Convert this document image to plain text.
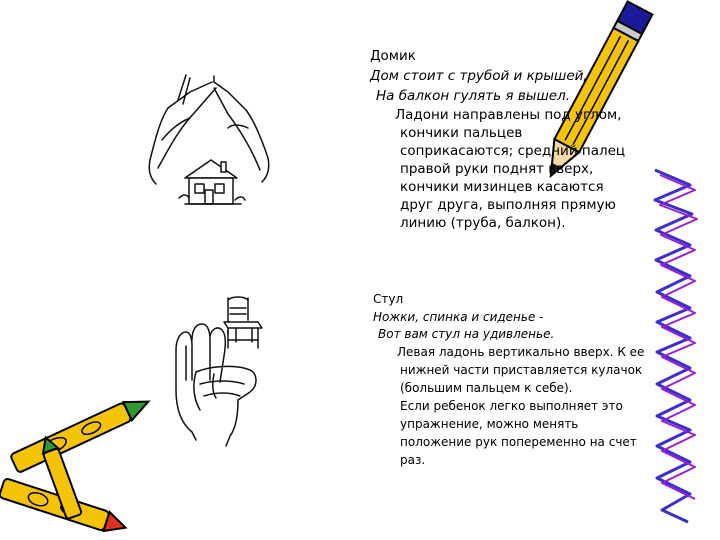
Домик
Дом стоит с трубой и крышей,
На балкон гулять я вышел.
Ладони направлены под углом,
кончики пальцев
соприкасаются; средний палец
правой руки поднят вверх,
кончики мизинцев касаются
друг друга, выполняя прямую
линию (труба, балкон).
Стул
Ножки, спинка и сиденье -
Вот вам стул на удивленье.
Левая ладонь вертикально вверх. К ее
нижней части приставляется кулачок
(большим пальцем к себе).
Если ребенок легко выполняет это
упражнение, можно менять
положение рук попеременно на счет
раз.
